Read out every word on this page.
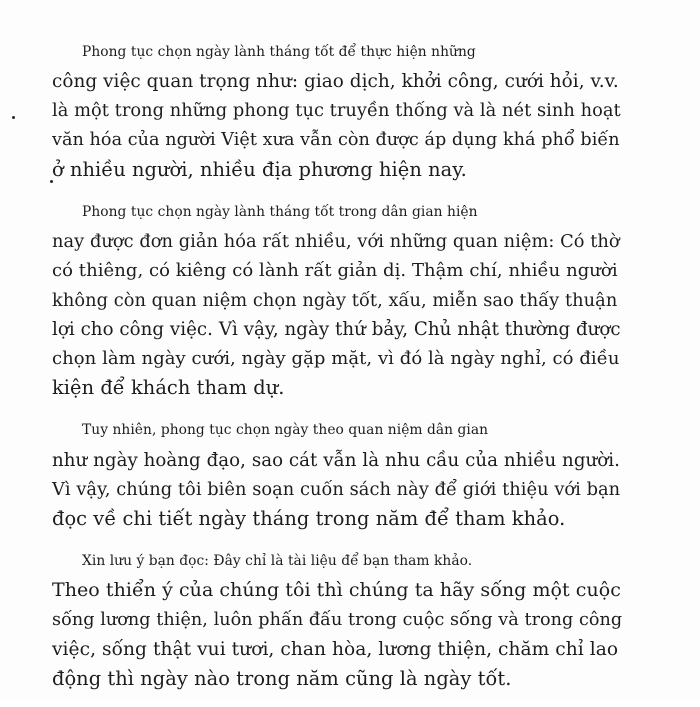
Phong tục chọn ngày lành tháng tốt để thực hiện những
công việc quan trọng như: giao dịch, khởi công, cưới hỏi, v.v.
là một trong những phong tục truyền thống và là nét sinh hoạt
văn hóa của người Việt xưa vẫn còn được áp dụng khá phổ biến
ở nhiều người, nhiều địa phương hiện nay.

Phong tục chọn ngày lành tháng tốt trong dân gian hiện
nay được đơn giản hóa rất nhiều, với những quan niệm: Có thờ
có thiêng, có kiêng có lành rất giản dị. Thậm chí, nhiều người
không còn quan niệm chọn ngày tốt, xấu, miễn sao thấy thuận
lợi cho công việc. Vì vậy, ngày thứ bảy, Chủ nhật thường được
chọn làm ngày cưới, ngày gặp mặt, vì đó là ngày nghỉ, có điều
kiện để khách tham dự.

Tuy nhiên, phong tục chọn ngày theo quan niệm dân gian
như ngày hoàng đạo, sao cát vẫn là nhu cầu của nhiều người.
Vì vậy, chúng tôi biên soạn cuốn sách này để giới thiệu với bạn
đọc về chi tiết ngày tháng trong năm để tham khảo.

Xin lưu ý bạn đọc: Đây chỉ là tài liệu để bạn tham khảo.
Theo thiển ý của chúng tôi thì chúng ta hãy sống một cuộc
sống lương thiện, luôn phấn đấu trong cuộc sống và trong công
việc, sống thật vui tươi, chan hòa, lương thiện, chăm chỉ lao
động thì ngày nào trong năm cũng là ngày tốt.
